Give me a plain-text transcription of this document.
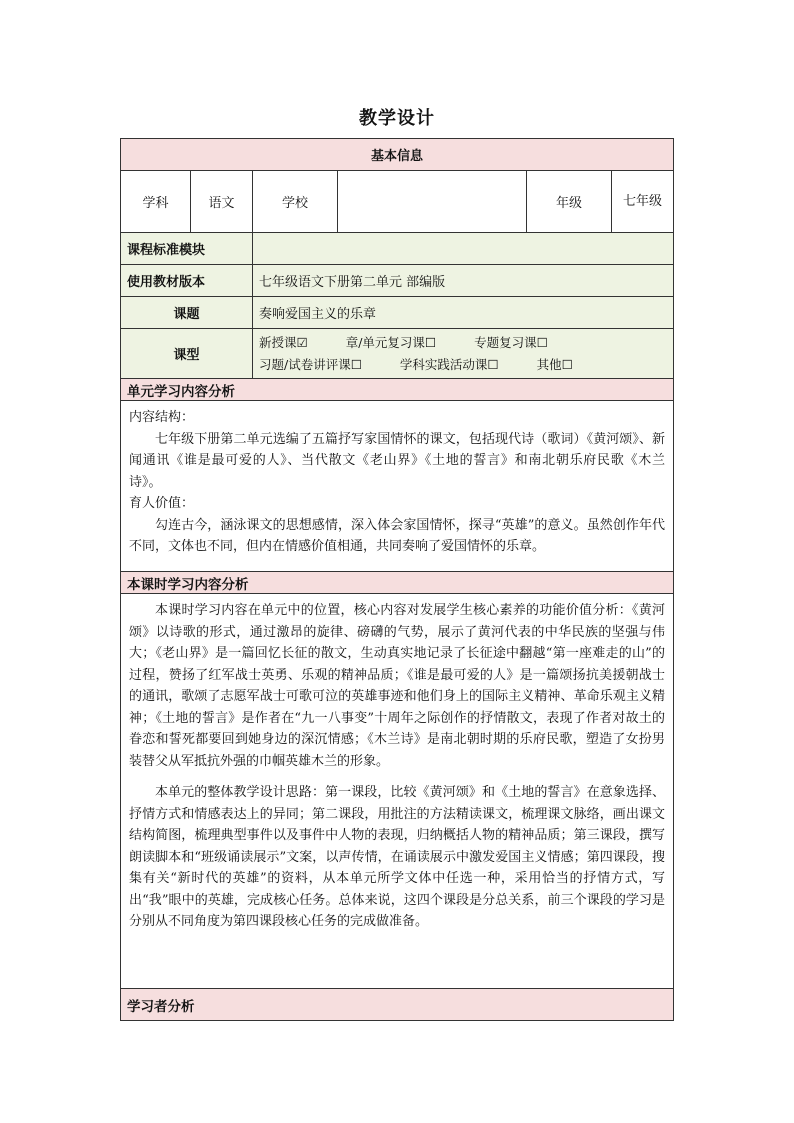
教学设计
基本信息					
学科	语文	学校		年级	七年级
课程标准模块					
使用教材版本		七年级语文下册第二单元 部编版			
课题		奏响爱国主义的乐章			
课型		新授课☑ 章/单元复习课☐ 专题复习课☐
习题/试卷讲评课☐ 学科实践活动课☐ 其他☐			

单元学习内容分析					

内容结构：

七年级下册第二单元选编了五篇抒写家国情怀的课文，包括现代诗（歌词）《黄河颂》、新闻通讯《谁是最可爱的人》、当代散文《老山界》《土地的誓言》和南北朝乐府民歌《木兰诗》。

育人价值：

勾连古今，涵泳课文的思想感情，深入体会家国情怀，探寻“英雄”的意义。虽然创作年代不同，文体也不同，但内在情感价值相通，共同奏响了爱国情怀的乐章。					

本课时学习内容分析					

本课时学习内容在单元中的位置，核心内容对发展学生核心素养的功能价值分析：《黄河颂》以诗歌的形式，通过激昂的旋律、磅礴的气势，展示了黄河代表的中华民族的坚强与伟大；《老山界》是一篇回忆长征的散文，生动真实地记录了长征途中翻越“第一座难走的山”的过程，赞扬了红军战士英勇、乐观的精神品质；《谁是最可爱的人》是一篇颂扬抗美援朝战士的通讯，歌颂了志愿军战士可歌可泣的英雄事迹和他们身上的国际主义精神、革命乐观主义精神；《土地的誓言》是作者在“九一八事变”十周年之际创作的抒情散文，表现了作者对故土的眷恋和誓死都要回到她身边的深沉情感；《木兰诗》是南北朝时期的乐府民歌，塑造了女扮男装替父从军抵抗外强的巾帼英雄木兰的形象。

本单元的整体教学设计思路：第一课段，比较《黄河颂》和《土地的誓言》在意象选择、抒情方式和情感表达上的异同；第二课段，用批注的方法精读课文，梳理课文脉络，画出课文结构简图，梳理典型事件以及事件中人物的表现，归纳概括人物的精神品质；第三课段，撰写朗读脚本和“班级诵读展示”文案，以声传情，在诵读展示中激发爱国主义情感；第四课段，搜集有关“新时代的英雄”的资料，从本单元所学文体中任选一种，采用恰当的抒情方式，写出“我”眼中的英雄，完成核心任务。总体来说，这四个课段是分总关系，前三个课段的学习是分别从不同角度为第四课段核心任务的完成做准备。					

学习者分析					
